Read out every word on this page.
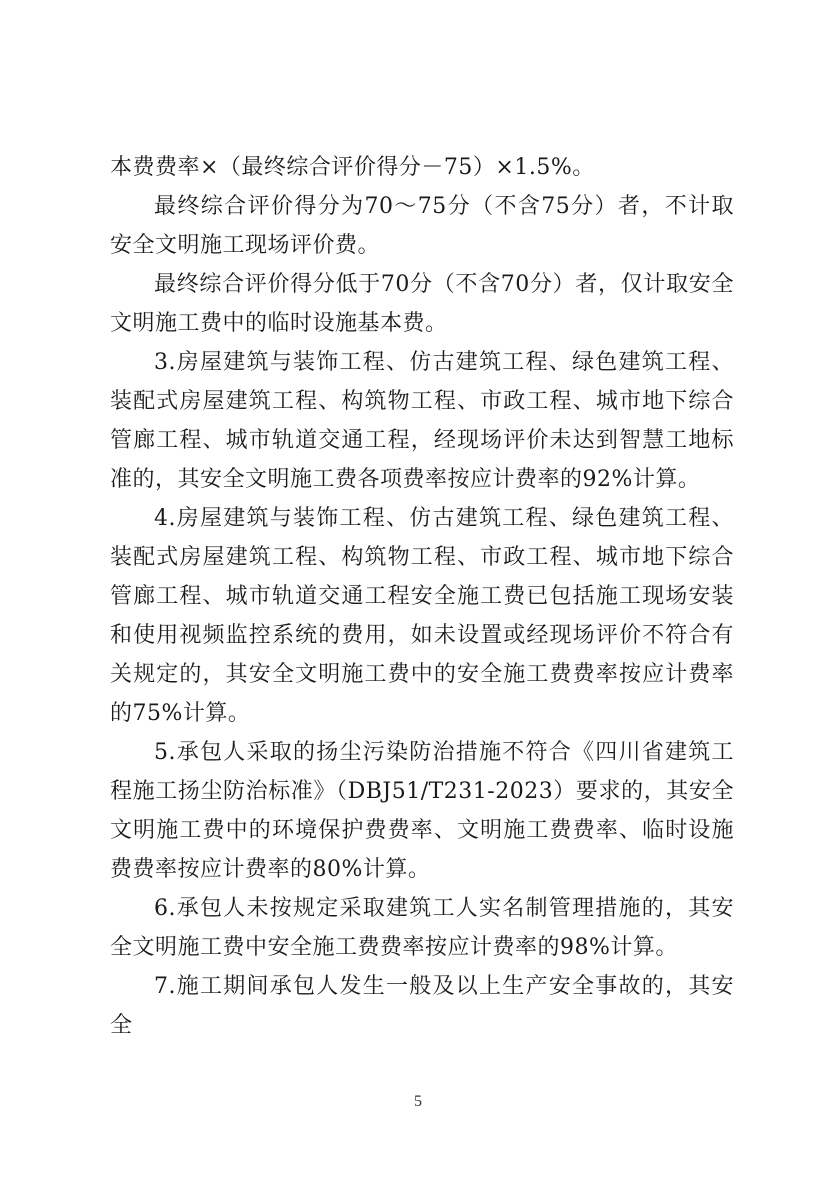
本费费率×（最终综合评价得分－75）×1.5%。

最终综合评价得分为70～75分（不含75分）者，不计取安全文明施工现场评价费。

最终综合评价得分低于70分（不含70分）者，仅计取安全文明施工费中的临时设施基本费。

3.房屋建筑与装饰工程、仿古建筑工程、绿色建筑工程、装配式房屋建筑工程、构筑物工程、市政工程、城市地下综合管廊工程、城市轨道交通工程，经现场评价未达到智慧工地标准的，其安全文明施工费各项费率按应计费率的92%计算。

4.房屋建筑与装饰工程、仿古建筑工程、绿色建筑工程、装配式房屋建筑工程、构筑物工程、市政工程、城市地下综合管廊工程、城市轨道交通工程安全施工费已包括施工现场安装和使用视频监控系统的费用，如未设置或经现场评价不符合有关规定的，其安全文明施工费中的安全施工费费率按应计费率的75%计算。

5.承包人采取的扬尘污染防治措施不符合《四川省建筑工程施工扬尘防治标准》（DBJ51/T231-2023）要求的，其安全文明施工费中的环境保护费费率、文明施工费费率、临时设施费费率按应计费率的80%计算。

6.承包人未按规定采取建筑工人实名制管理措施的，其安全文明施工费中安全施工费费率按应计费率的98%计算。

7.施工期间承包人发生一般及以上生产安全事故的，其安全

5
